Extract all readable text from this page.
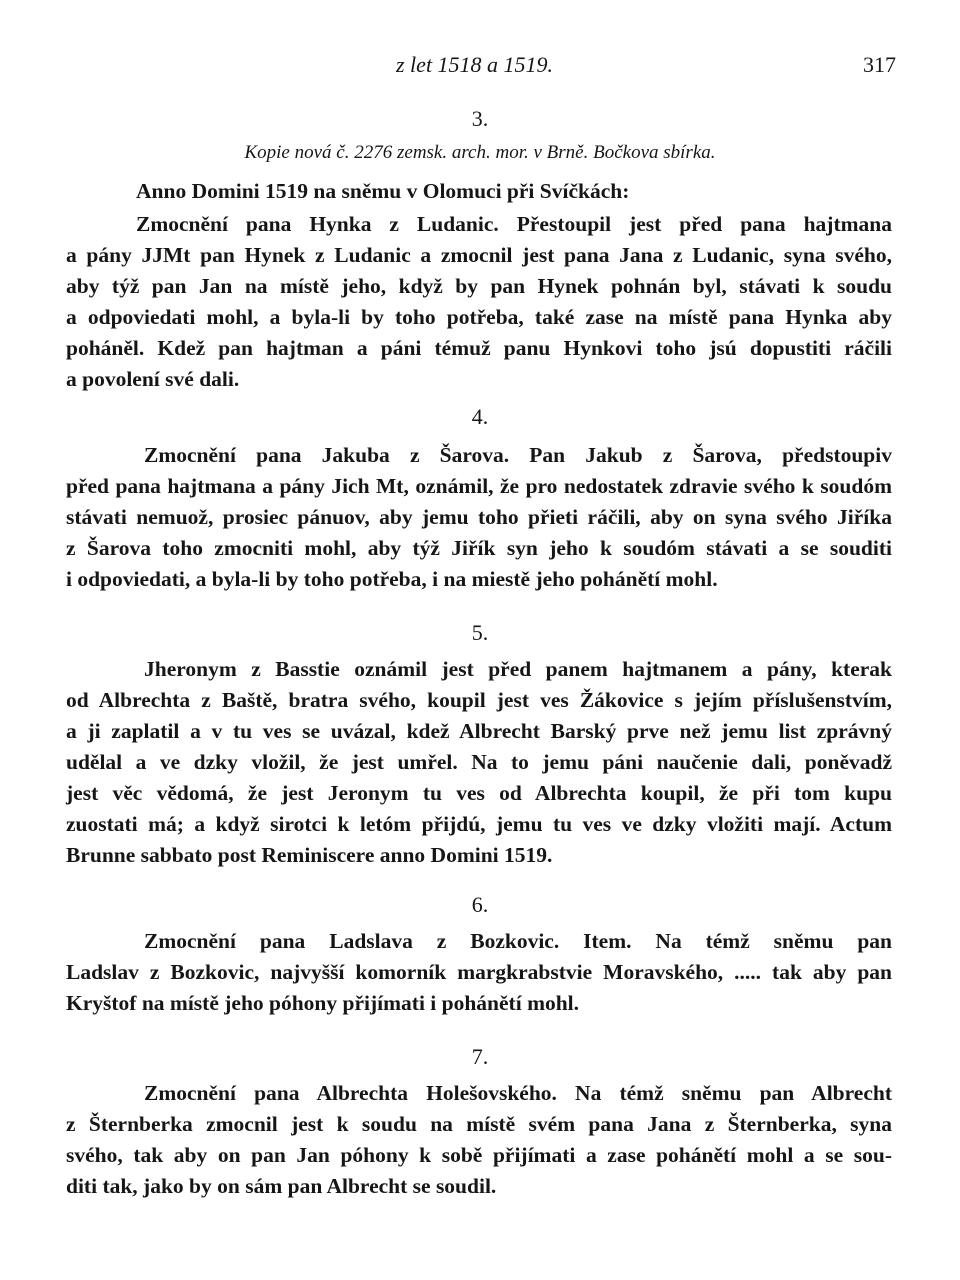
z let 1518 a 1519.	317
3.
Kopie nová č. 2276 zemsk. arch. mor. v Brně. Bočkova sbírka.
Anno Domini 1519 na sněmu v Olomuci při Svíčkách:
Zmocnění pana Hynka z Ludanic. Přestoupil jest před pana hajtmana
a pány JJMt pan Hynek z Ludanic a zmocnil jest pana Jana z Ludanic, syna svého,
aby týž pan Jan na místě jeho, když by pan Hynek pohnán byl, stávati k soudu
a odpoviedati mohl, a byla-li by toho potřeba, také zase na místě pana Hynka aby
poháněl. Kdež pan hajtman a páni témuž panu Hynkovi toho jsú dopustiti ráčili
a povolení své dali.
4.
Zmocnění pana Jakuba z Šarova. Pan Jakub z Šarova, předstoupiv
před pana hajtmana a pány Jich Mt, oznámil, že pro nedostatek zdravie svého k soudóm
stávati nemuož, prosiec pánuov, aby jemu toho přieti ráčili, aby on syna svého Jiříka
z Šarova toho zmocniti mohl, aby týž Jiřík syn jeho k soudóm stávati a se souditi
i odpoviedati, a byla-li by toho potřeba, i na miestě jeho pohánětí mohl.
5.
Jheronym z Basstie oznámil jest před panem hajtmanem a pány, kterak
od Albrechta z Baště, bratra svého, koupil jest ves Žákovice s jejím příslušenstvím,
a ji zaplatil a v tu ves se uvázal, kdež Albrecht Barský prve než jemu list zprávný
udělal a ve dzky vložil, že jest umřel. Na to jemu páni naučenie dali, poněvadž
jest věc vědomá, že jest Jeronym tu ves od Albrechta koupil, že při tom kupu
zuostati má; a když sirotci k letóm přijdú, jemu tu ves ve dzky vložiti mají. Actum
Brunne sabbato post Reminiscere anno Domini 1519.
6.
Zmocnění pana Ladslava z Bozkovic. Item. Na témž sněmu pan
Ladslav z Bozkovic, najvyšší komorník margkrabstvie Moravského, ..... tak aby pan
Kryštof na místě jeho póhony přijímati i pohánětí mohl.
7.
Zmocnění pana Albrechta Holešovského. Na témž sněmu pan Albrecht
z Šternberka zmocnil jest k soudu na místě svém pana Jana z Šternberka, syna
svého, tak aby on pan Jan póhony k sobě přijímati a zase pohánětí mohl a se sou-
diti tak, jako by on sám pan Albrecht se soudil.
